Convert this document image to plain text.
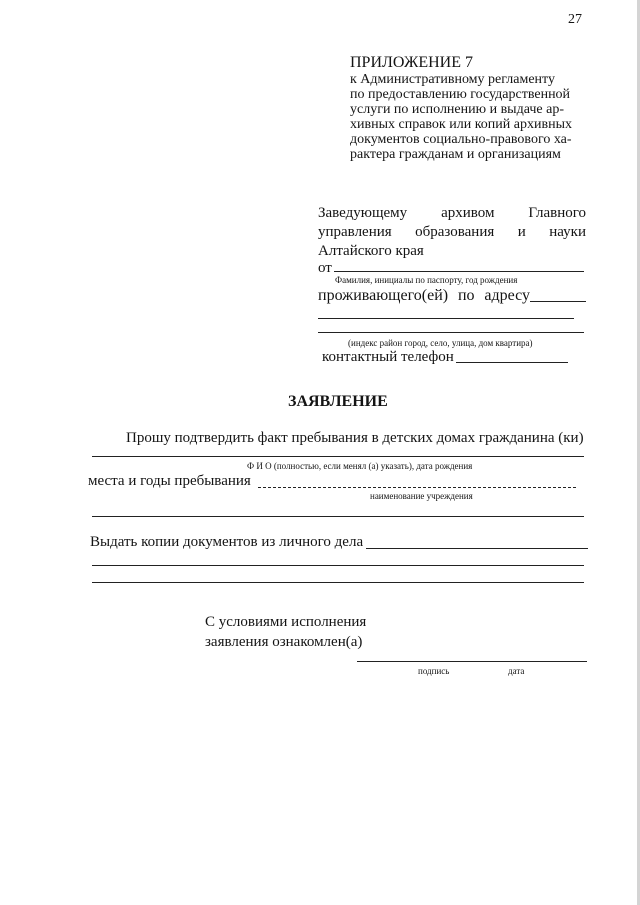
27
ПРИЛОЖЕНИЕ 7
к Административному регламенту
по предоставлению государственной
услуги по исполнению и выдаче ар-
хивных справок или копий архивных
документов социально-правового ха-
рактера гражданам и организациям
Заведующему архивом Главного
управления образования и науки
Алтайского края
от
Фамилия, инициалы по паспорту, год рождения
проживающего(ей) по адресу
(индекс район город, село, улица, дом квартира)
контактный телефон
ЗАЯВЛЕНИЕ
Прошу подтвердить факт пребывания в детских домах гражданина (ки)
Ф И О (полностью, если менял (а) указать), дата рождения
места и годы пребывания
наименование учреждения
Выдать копии документов из личного дела
С условиями исполнения
заявления ознакомлен(а)
подпись	дата
